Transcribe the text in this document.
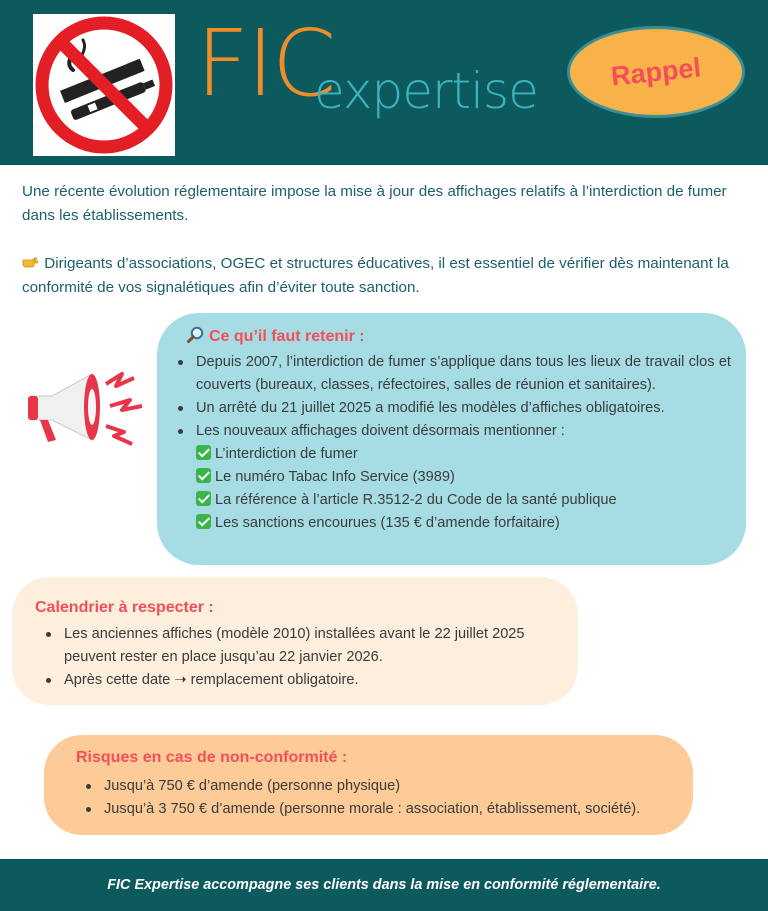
FIC
expertise	Rappel

Une récente évolution réglementaire impose la mise à jour des affichages relatifs à l’interdiction de fumer dans les établissements.

Dirigeants d’associations, OGEC et structures éducatives, il est essentiel de vérifier dès maintenant la conformité de vos signalétiques afin d’éviter toute sanction.

Ce qu’il faut retenir :
Depuis 2007, l’interdiction de fumer s’applique dans tous les lieux de travail clos et couverts (bureaux, classes, réfectoires, salles de réunion et sanitaires).
Un arrêté du 21 juillet 2025 a modifié les modèles d’affiches obligatoires.
Les nouveaux affichages doivent désormais mentionner :
L’interdiction de fumer
Le numéro Tabac Info Service (3989)
La référence à l’article R.3512-2 du Code de la santé publique
Les sanctions encourues (135 € d’amende forfaitaire)
Calendrier à respecter :
Les anciennes affiches (modèle 2010) installées avant le 22 juillet 2025 peuvent rester en place jusqu’au 22 janvier 2026.
Après cette date ➝ remplacement obligatoire.
Risques en cas de non-conformité :
Jusqu’à 750 € d’amende (personne physique)
Jusqu’à 3 750 € d’amende (personne morale : association, établissement, société).
FIC Expertise accompagne ses clients dans la mise en conformité réglementaire.
